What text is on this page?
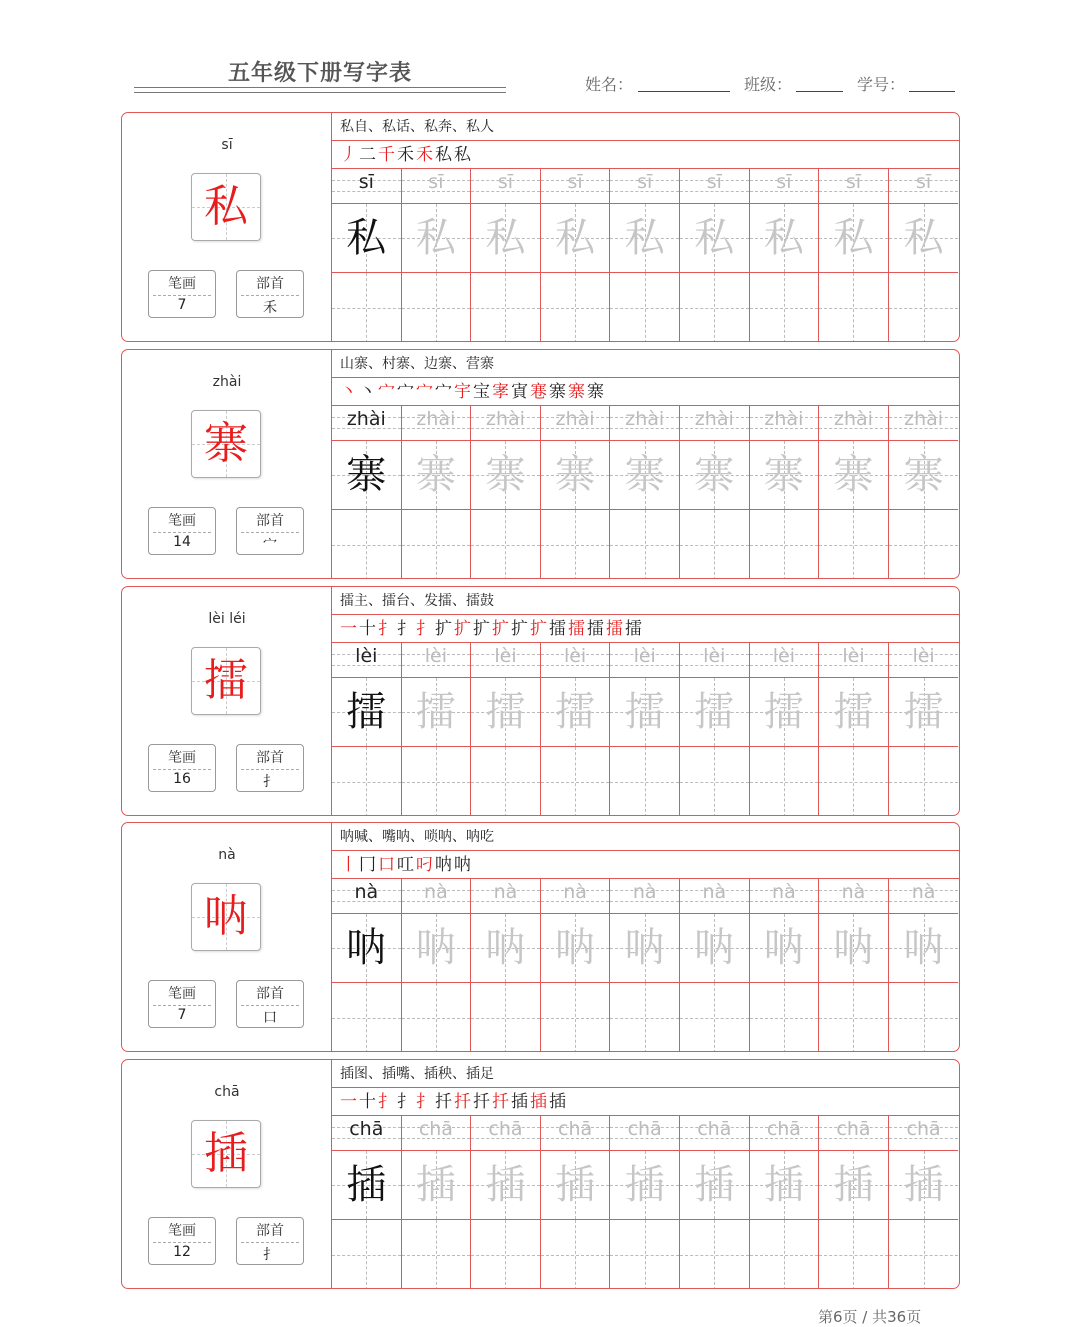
五年级下册写字表	姓名：	班级：	学号：
sī
私
笔画
7
部首
禾
私自、私话、私奔、私人
丿二千禾禾私私
sī	sī	sī	sī	sī	sī	sī	sī	sī
私 私 私 私 私 私 私 私 私
zhài
寨
笔画
14
部首
宀
山寨、村寨、边寨、营寨
丶丶宀宀宀宀宇宝宯寊寋寨寨寨
zhài	zhài	zhài	zhài	zhài	zhài	zhài	zhài	zhài
寨 寨 寨 寨 寨 寨 寨 寨 寨
lèi léi
擂
笔画
16
部首
扌
擂主、擂台、发擂、擂鼓
一十扌扌扌扩扩扩扩扩扩擂擂擂擂擂
lèi	lèi	lèi	lèi	lèi	lèi	lèi	lèi	lèi
擂 擂 擂 擂 擂 擂 擂 擂 擂
nà
呐
笔画
7
部首
口
呐喊、嘴呐、唢呐、呐吃
丨冂口叿叼呐呐
nà	nà	nà	nà	nà	nà	nà	nà	nà
呐 呐 呐 呐 呐 呐 呐 呐 呐
chā
插
笔画
12
部首
扌
插图、插嘴、插秧、插足
一十扌扌扌扦扦扦扦插插插
chā	chā	chā	chā	chā	chā	chā	chā	chā
插 插 插 插 插 插 插 插 插
第6页 / 共36页
